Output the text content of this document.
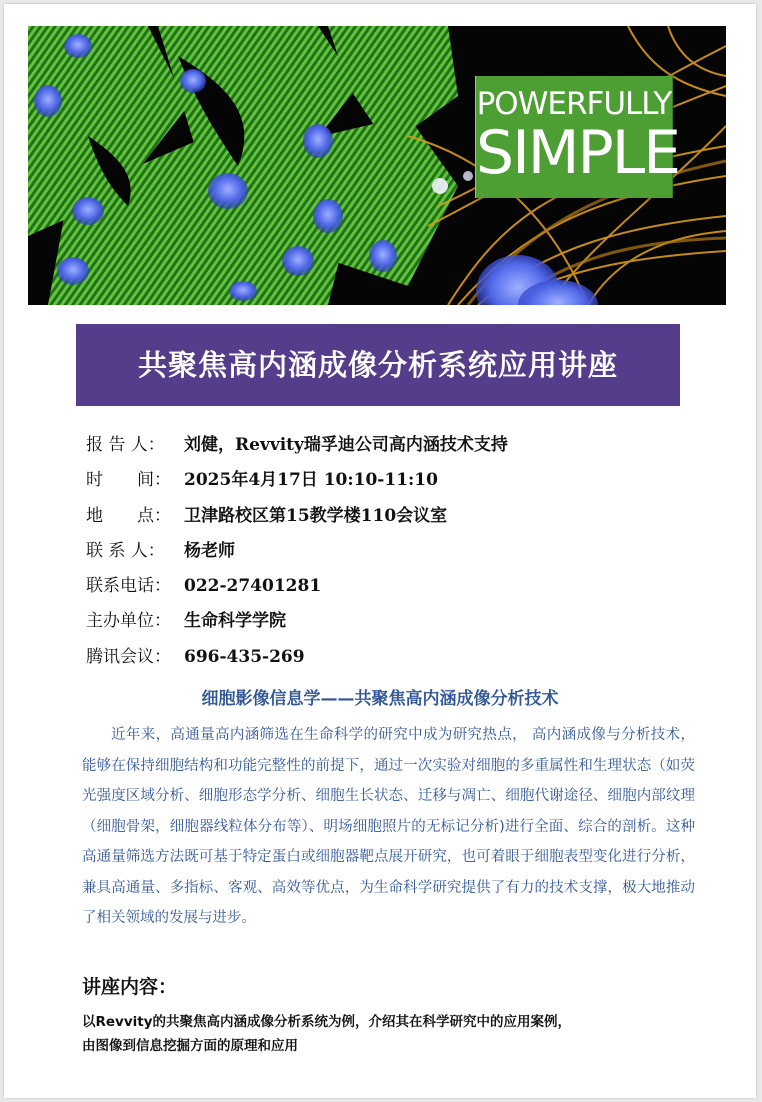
POWERFULLY
SIMPLE
共聚焦高内涵成像分析系统应用讲座
报 告 人： 刘健，Revvity瑞孚迪公司高内涵技术支持
时　　间： 2025年4月17日 10:10-11:10
地　　点： 卫津路校区第15教学楼110会议室
联 系 人： 杨老师
联系电话： 022-27401281
主办单位： 生命科学学院
腾讯会议： 696-435-269
细胞影像信息学——共聚焦高内涵成像分析技术

近年来，高通量高内涵筛选在生命科学的研究中成为研究热点， 高内涵成像与分析技术，能够在保持细胞结构和功能完整性的前提下，通过一次实验对细胞的多重属性和生理状态（如荧光强度区域分析、细胞形态学分析、细胞生长状态、迁移与凋亡、细胞代谢途径、细胞内部纹理（细胞骨架，细胞器线粒体分布等）、明场细胞照片的无标记分析)进行全面、综合的剖析。这种高通量筛选方法既可基于特定蛋白或细胞器靶点展开研究，也可着眼于细胞表型变化进行分析，兼具高通量、多指标、客观、高效等优点，为生命科学研究提供了有力的技术支撑，极大地推动了相关领域的发展与进步。

讲座内容：

以Revvity的共聚焦高内涵成像分析系统为例，介绍其在科学研究中的应用案例，
由图像到信息挖掘方面的原理和应用
